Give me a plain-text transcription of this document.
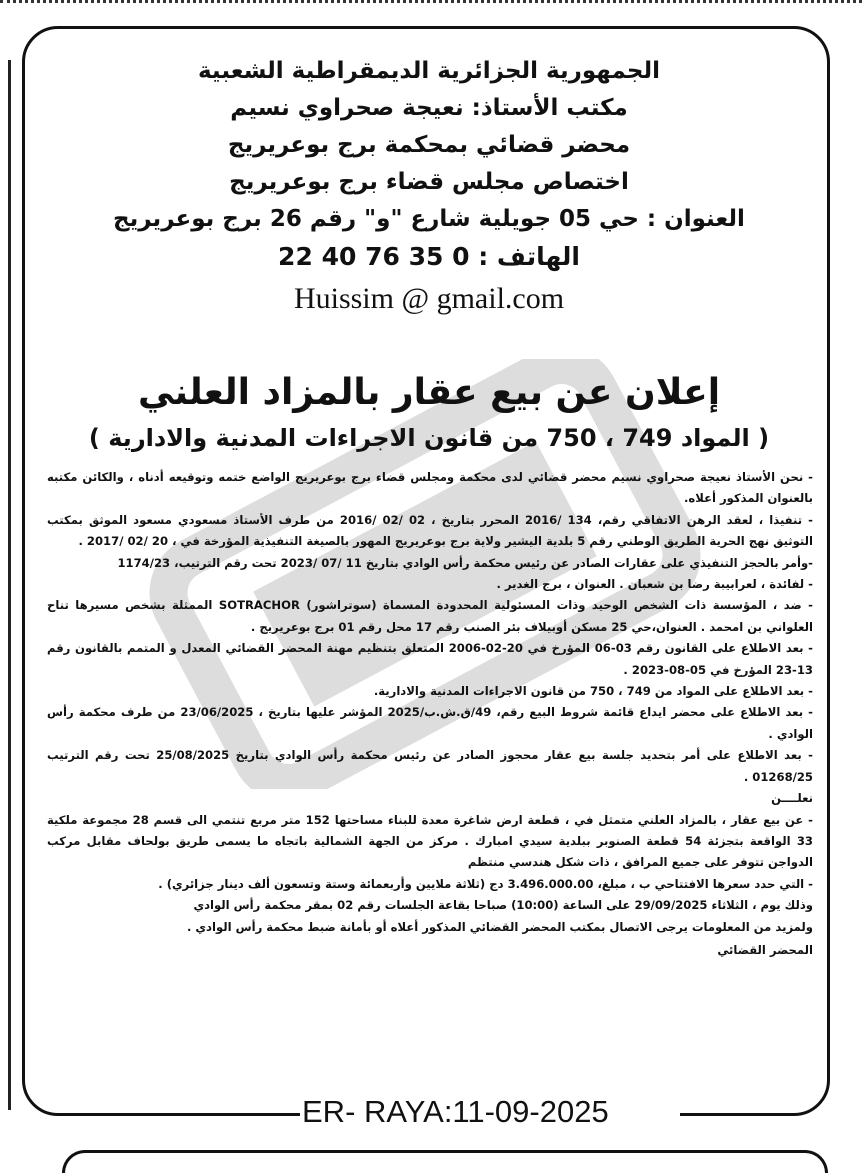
الجمهورية الجزائرية الديمقراطية الشعبية
مكتب الأستاذ: نعيجة صحراوي نسيم
محضر قضائي بمحكمة برج بوعريريج
اختصاص مجلس قضاء برج بوعريريج
العنوان : حي 05 جويلية شارع "و" رقم 26 برج بوعريريج
الهاتف : 0 35 76 40 22
Huissim @ gmail.com
إعلان عن بيع عقار بالمزاد العلني
( المواد 749 ، 750 من قانون الاجراءات المدنية والادارية )

- نحن الأستاذ نعيجة صحراوي نسيم محضر قضائي لدى محكمة ومجلس قضاء برج بوعريريج الواضع ختمه وتوقيعه أدناه ، والكائن مكتبه بالعنوان المذكور أعلاه.

- تنفيذا ، لعقد الرهن الاتفاقي رقم، 134 /2016 المحرر بتاريخ ، 02 /02 /2016 من طرف الأستاذ مسعودي مسعود الموثق بمكتب التوثيق نهج الحرية الطريق الوطني رقم 5 بلدية اليشير ولاية برج بوعريريج المهور بالصيغة التنفيذية المؤرخة في ، 20 /02 /2017 .

-وأمر بالحجز التنفيذي على عقارات الصادر عن رئيس محكمة رأس الوادي بتاريخ 11 /07 /2023 تحت رقم الترتيب، 1174/23

- لفائدة ، لعرابيبة رضا بن شعبان . العنوان ، برج الغدير .

- ضد ، المؤسسة ذات الشخص الوحيد وذات المسئولية المحدودة المسماة (سوتراشور) SOTRACHOR الممثلة بشخص مسيرها تناح العلواني بن امحمد . العنوان،حي 25 مسكن أوبيلاف بئر الصنب رقم 17 محل رقم 01 برج بوعريريج .

- بعد الاطلاع على القانون رقم 03-06 المؤرخ في 20-02-2006 المتعلق بتنظيم مهنة المحضر القضائي المعدل و المتمم بالقانون رقم 13-23 المؤرخ في 05-08-2023 .

- بعد الاطلاع على المواد من 749 ، 750 من قانون الاجراءات المدنية والادارية.

- بعد الاطلاع على محضر ايداع قائمة شروط البيع رقم، 49/ق.ش.ب/2025 المؤشر عليها بتاريخ ، 23/06/2025 من طرف محكمة رأس الوادي .

- بعد الاطلاع على أمر بتحديد جلسة بيع عقار محجوز الصادر عن رئيس محكمة رأس الوادي بتاريخ 25/08/2025 تحت رقم الترتيب 01268/25 .

نعلــــن

- عن بيع عقار ، بالمزاد العلني متمثل في ، قطعة ارض شاغرة معدة للبناء مساحتها 152 متر مربع تنتمي الى قسم 28 مجموعة ملكية 33 الواقعة بتجزئة 54 قطعة الصنوبر ببلدية سيدي امبارك . مركز من الجهة الشمالية باتجاه ما يسمى طريق بولحاف مقابل مركب الدواجن تتوفر على جميع المرافق ، ذات شكل هندسي منتظم

- التي حدد سعرها الافتتاحي ب ، مبلغ، 3.496.000.00 دج (ثلاثة ملايين وأربعمائة وستة وتسعون ألف دينار جزائري) .

وذلك يوم ، الثلاثاء 29/09/2025 على الساعة (10:00) صباحا بقاعة الجلسات رقم 02 بمقر محكمة رأس الوادي

ولمزيد من المعلومات يرجى الاتصال بمكتب المحضر القضائي المذكور أعلاه أو بأمانة ضبط محكمة رأس الوادي .

المحضر القضائي

ER- RAYA:11-09-2025
